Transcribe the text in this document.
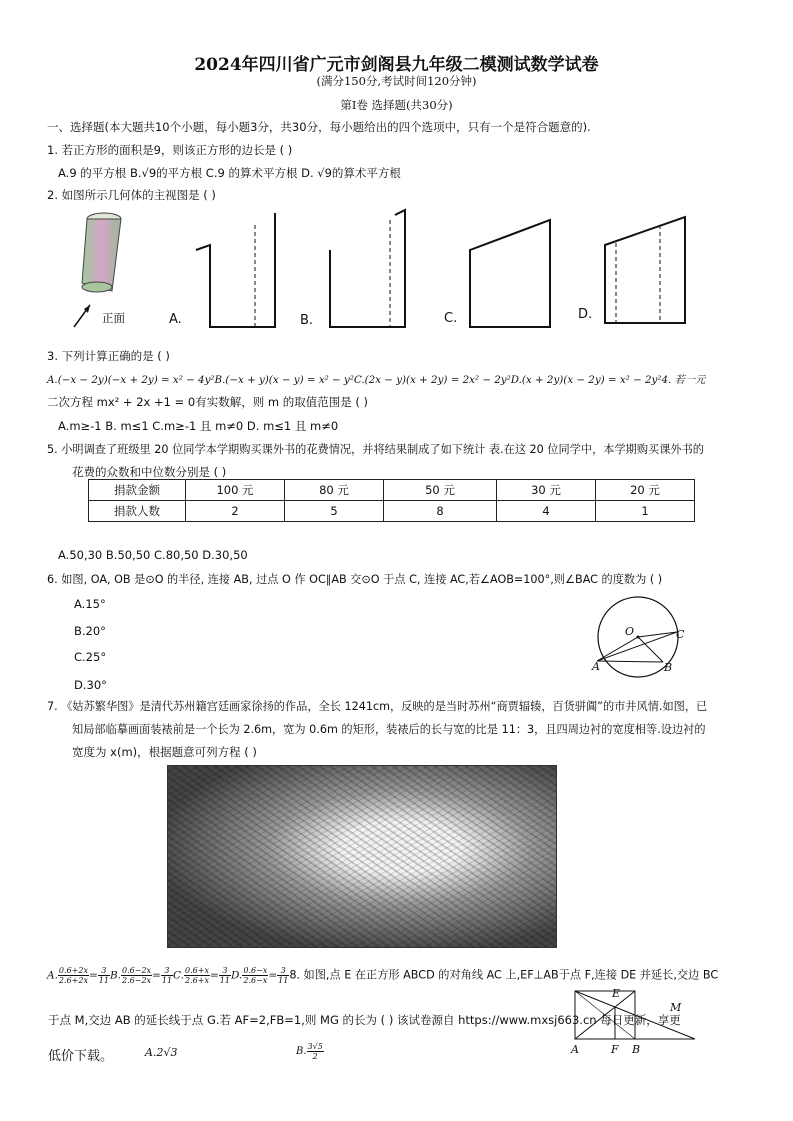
2024年四川省广元市剑阁县九年级二模测试数学试卷
(满分150分,考试时间120分钟)
第Ⅰ卷 选择题(共30分)
一、选择题(本大题共10个小题，每小题3分，共30分，每小题给出的四个选项中，只有一个是符合题意的).
1. 若正方形的面积是9，则该正方形的边长是 ( )
A.9 的平方根 B.√9的平方根 C.9 的算术平方根 D. √9的算术平方根
2. 如图所示几何体的主视图是 ( )
正面	A.	B.	C.	D.
3. 下列计算正确的是 ( )
A.(−x − 2y)(−x + 2y) = x² − 4y²B.(−x + y)(x − y) = x² − y²C.(2x − y)(x + 2y) = 2x² − 2y²D.(x + 2y)(x − 2y) = x² − 2y²4. 若一元
二次方程 mx² + 2x +1 = 0有实数解，则 m 的取值范围是 ( )
A.m≥-1 B. m≤1 C.m≥-1 且 m≠0 D. m≤1 且 m≠0
5. 小明调查了班级里 20 位同学本学期购买课外书的花费情况，并将结果制成了如下统计 表.在这 20 位同学中，本学期购买课外书的
花费的众数和中位数分别是 ( )
捐款金额	100 元	80 元	50 元	30 元	20 元
捐款人数	2	5	8	4	1
A.50,30 B.50,50 C.80,50 D.30,50
6. 如图, OA, OB 是⊙O 的半径, 连接 AB, 过点 O 作 OC∥AB 交⊙O 于点 C, 连接 AC,若∠AOB=100°,则∠BAC 的度数为 ( )
A.15°
B.20°
C.25°
D.30°
O	C
A	B
7. 《姑苏繁华图》是清代苏州籍宫廷画家徐扬的作品，全长 1241cm，反映的是当时苏州“商贾辐辏，百货骈阗”的市井风情.如图，已
知局部临摹画面装裱前是一个长为 2.6m，宽为 0.6m 的矩形，装裱后的长与宽的比是 11：3，且四周边衬的宽度相等.设边衬的
宽度为 x(m)，根据题意可列方程 ( )
A. $\frac{0.6+2x}{2.6+2x} = \frac{3}{11} B$. $\frac{0.6-2x}{2.6-2x} = \frac{3}{11} C$. $\frac{0.6+x}{2.6+x} = \frac{3}{11} D$. $\frac{0.6-x}{2.6-x} = \frac{3}{11} 8$. 如图,点 E 在正方形 ABCD 的对角线 AC 上,EF⊥AB于点 F,连接 DE 并延长,交边 BC
于点 M,交边 AB 的延长线于点 G.若 AF=2,FB=1,则 MG 的长为 ( ) 该试卷源自 https://www.mxsj663.cn 每日更新，享更
低价下载。	A.2√3	B. $\frac{3√5}{2}$
E
M
A	F B
